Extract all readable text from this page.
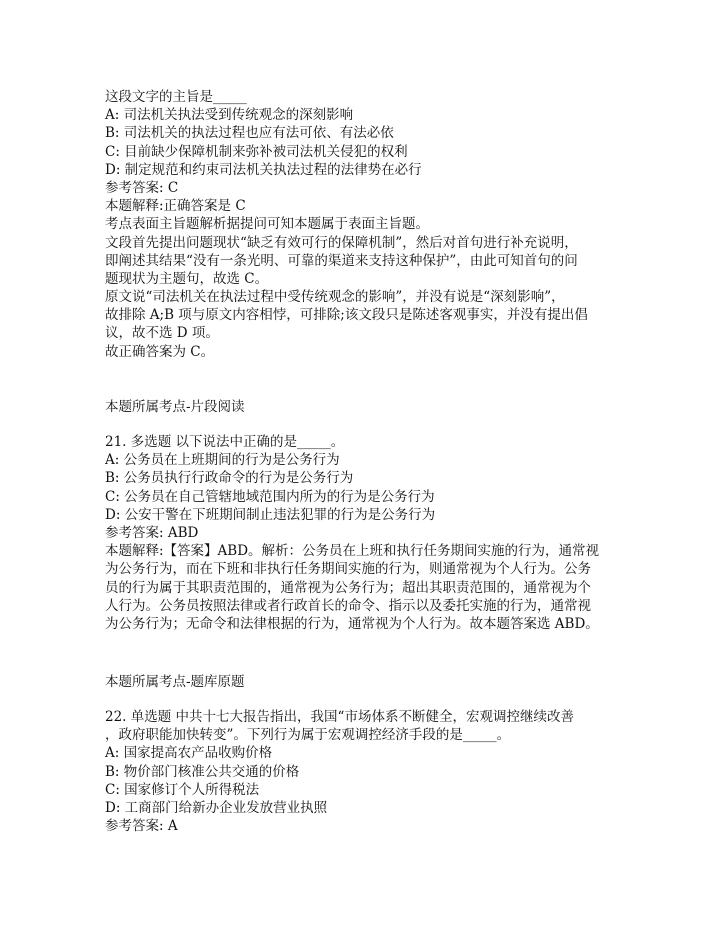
这段文字的主旨是_____
A: 司法机关执法受到传统观念的深刻影响
B: 司法机关的执法过程也应有法可依、有法必依
C: 目前缺少保障机制来弥补被司法机关侵犯的权利
D: 制定规范和约束司法机关执法过程的法律势在必行
参考答案: C
本题解释:正确答案是 C
考点表面主旨题解析据提问可知本题属于表面主旨题。
文段首先提出问题现状“缺乏有效可行的保障机制”，然后对首句进行补充说明，
即阐述其结果“没有一条光明、可靠的渠道来支持这种保护”，由此可知首句的问
题现状为主题句，故选 C。
原文说“司法机关在执法过程中受传统观念的影响”，并没有说是“深刻影响”，
故排除 A;B 项与原文内容相悖，可排除;该文段只是陈述客观事实，并没有提出倡
议，故不选 D 项。
故正确答案为 C。
本题所属考点-片段阅读
21. 多选题 以下说法中正确的是_____。
A: 公务员在上班期间的行为是公务行为
B: 公务员执行行政命令的行为是公务行为
C: 公务员在自己管辖地域范围内所为的行为是公务行为
D: 公安干警在下班期间制止违法犯罪的行为是公务行为
参考答案: ABD
本题解释:【答案】ABD。解析：公务员在上班和执行任务期间实施的行为，通常视
为公务行为，而在下班和非执行任务期间实施的行为，则通常视为个人行为。公务
员的行为属于其职责范围的，通常视为公务行为；超出其职责范围的，通常视为个
人行为。公务员按照法律或者行政首长的命令、指示以及委托实施的行为，通常视
为公务行为；无命令和法律根据的行为，通常视为个人行为。故本题答案选 ABD。
本题所属考点-题库原题
22. 单选题 中共十七大报告指出，我国“市场体系不断健全，宏观调控继续改善
，政府职能加快转变”。下列行为属于宏观调控经济手段的是_____。
A: 国家提高农产品收购价格
B: 物价部门核准公共交通的价格
C: 国家修订个人所得税法
D: 工商部门给新办企业发放营业执照
参考答案: A
